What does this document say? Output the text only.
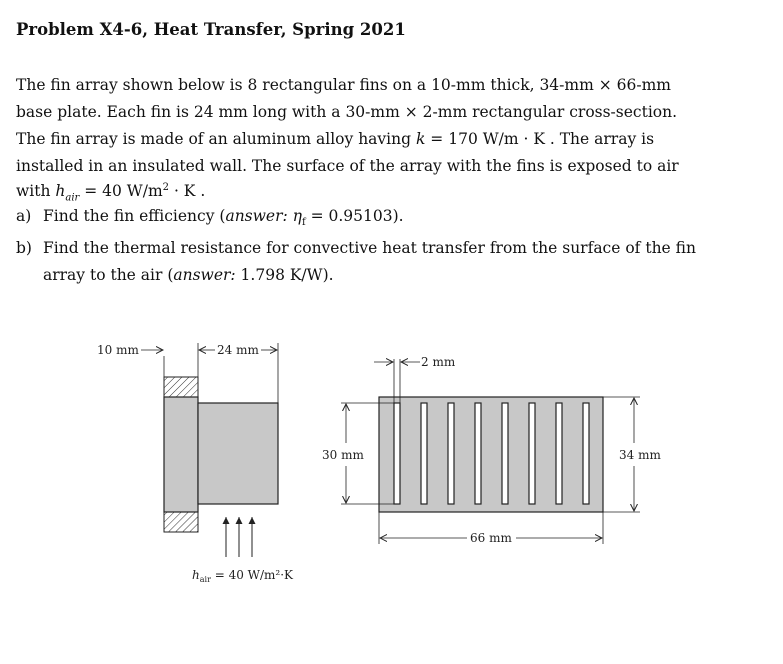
Problem X4-6, Heat Transfer, Spring 2021
The fin array shown below is 8 rectangular fins on a 10-mm thick, 34-mm × 66-mm
base plate. Each fin is 24 mm long with a 30-mm × 2-mm rectangular cross-section.
The fin array is made of an aluminum alloy having k = 170 W/m · K . The array is
installed in an insulated wall. The surface of the array with the fins is exposed to air
with $h_{air} = 40$ $W/m^2 \cdot K$ .
a) Find the fin efficiency (answer: $\eta_f = 0.95103$).
b) Find the thermal resistance for convective heat transfer from the surface of the fin
array to the air (answer: 1.798 K/W).
10 mm	24 mm
2 mm
30 mm	34 mm
66 mm
$h_{air} = 40$ W/m²·K
